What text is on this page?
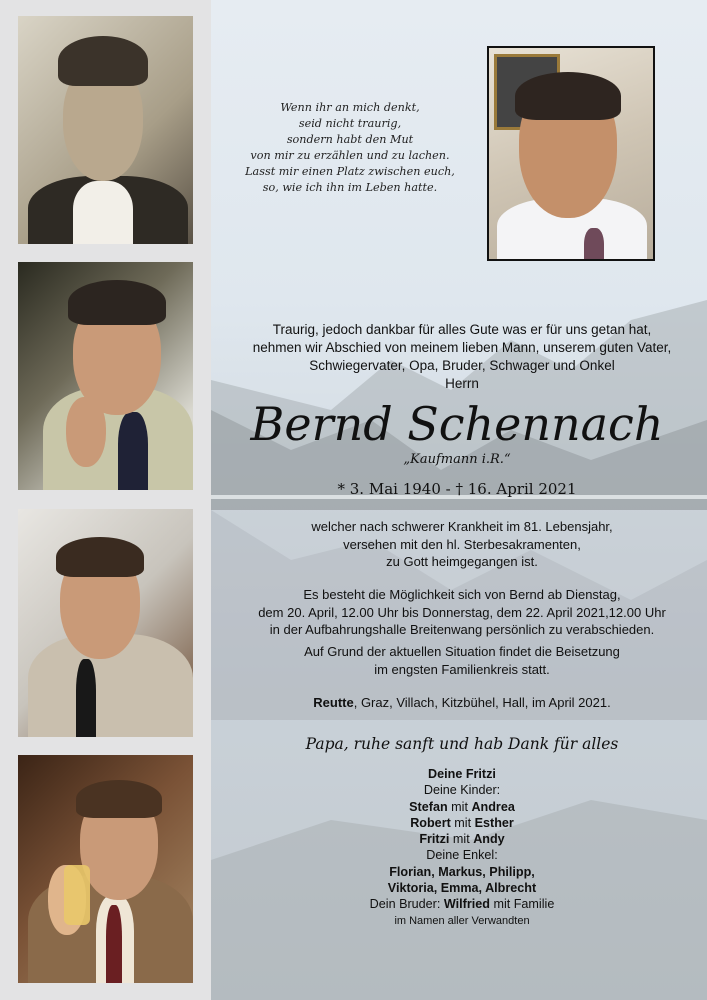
Wenn ihr an mich denkt,
seid nicht traurig,
sondern habt den Mut
von mir zu erzählen und zu lachen.
Lasst mir einen Platz zwischen euch,
so, wie ich ihn im Leben hatte.
Traurig, jedoch dankbar für alles Gute was er für uns getan hat,
nehmen wir Abschied von meinem lieben Mann, unserem guten Vater,
Schwiegervater, Opa, Bruder, Schwager und Onkel
Herrn
Bernd Schennach
„Kaufmann i.R.“
* 3. Mai 1940 - † 16. April 2021
welcher nach schwerer Krankheit im 81. Lebensjahr,
versehen mit den hl. Sterbesakramenten,
zu Gott heimgegangen ist.
Es besteht die Möglichkeit sich von Bernd ab Dienstag,
dem 20. April, 12.00 Uhr bis Donnerstag, dem 22. April 2021,12.00 Uhr
in der Aufbahrungshalle Breitenwang persönlich zu verabschieden.
Auf Grund der aktuellen Situation findet die Beisetzung
im engsten Familienkreis statt.
Reutte, Graz, Villach, Kitzbühel, Hall, im April 2021.
Papa, ruhe sanft und hab Dank für alles
Deine Fritzi
Deine Kinder:
Stefan mit Andrea
Robert mit Esther
Fritzi mit Andy
Deine Enkel:
Florian, Markus, Philipp,
Viktoria, Emma, Albrecht
Dein Bruder: Wilfried mit Familie
im Namen aller Verwandten
